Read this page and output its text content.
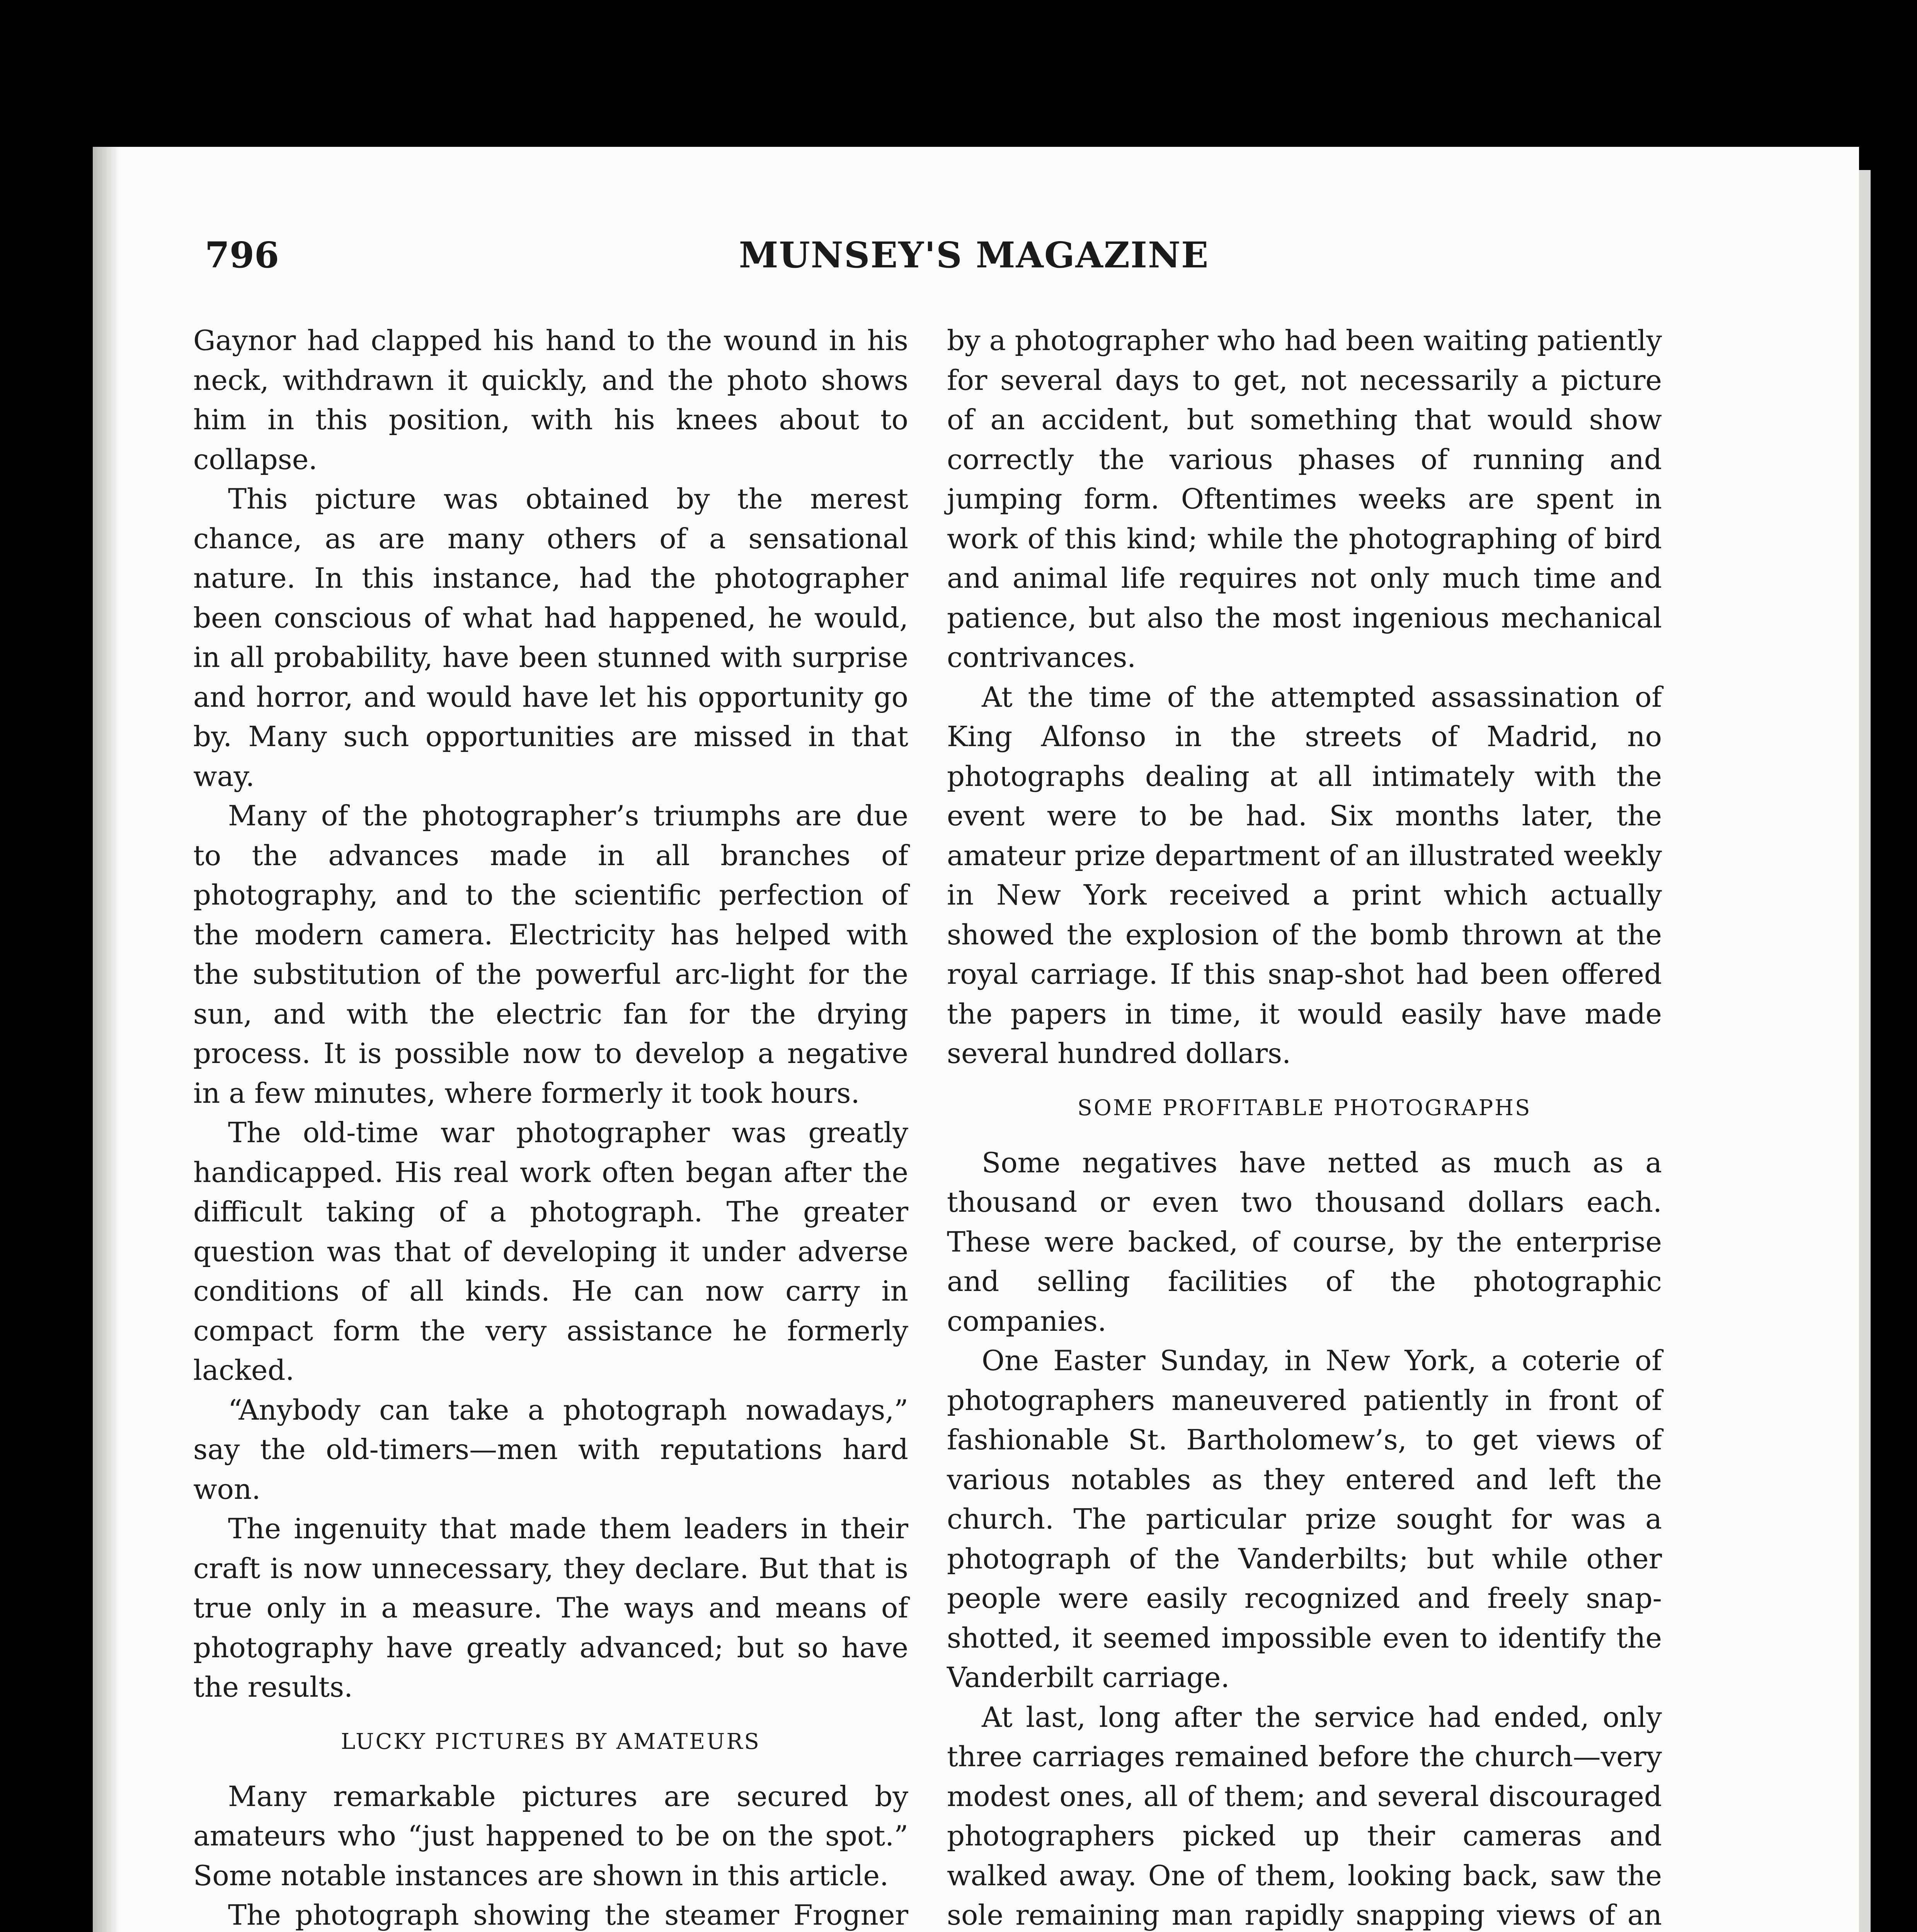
796	MUNSEY'S MAGAZINE

Gaynor had clapped his hand to the wound in his neck, withdrawn it quickly, and the photo shows him in this position, with his knees about to collapse.

This picture was obtained by the merest chance, as are many others of a sensational nature. In this instance, had the photographer been conscious of what had happened, he would, in all probability, have been stunned with surprise and horror, and would have let his opportunity go by. Many such opportunities are missed in that way.

Many of the photographer’s triumphs are due to the advances made in all branches of photography, and to the scientific perfection of the modern camera. Electricity has helped with the substitution of the powerful arc-light for the sun, and with the electric fan for the drying process. It is possible now to develop a negative in a few minutes, where formerly it took hours.

The old-time war photographer was greatly handicapped. His real work often began after the difficult taking of a photograph. The greater question was that of developing it under adverse conditions of all kinds. He can now carry in compact form the very assistance he formerly lacked.

“Anybody can take a photograph nowadays,” say the old-timers—men with reputations hard won.

The ingenuity that made them leaders in their craft is now unnecessary, they declare. But that is true only in a measure. The ways and means of photography have greatly advanced; but so have the results.

LUCKY PICTURES BY AMATEURS

Many remarkable pictures are secured by amateurs who “just happened to be on the spot.” Some notable instances are shown in this article.

The photograph showing the steamer Frogner

by a photographer who had been waiting patiently for several days to get, not necessarily a picture of an accident, but something that would show correctly the various phases of running and jumping form. Oftentimes weeks are spent in work of this kind; while the photographing of bird and animal life requires not only much time and patience, but also the most ingenious mechanical contrivances.

At the time of the attempted assassination of King Alfonso in the streets of Madrid, no photographs dealing at all intimately with the event were to be had. Six months later, the amateur prize department of an illustrated weekly in New York received a print which actually showed the explosion of the bomb thrown at the royal carriage. If this snap-shot had been offered the papers in time, it would easily have made several hundred dollars.

SOME PROFITABLE PHOTOGRAPHS

Some negatives have netted as much as a thousand or even two thousand dollars each. These were backed, of course, by the enterprise and selling facilities of the photographic companies.

One Easter Sunday, in New York, a coterie of photographers maneuvered patiently in front of fashionable St. Bartholomew’s, to get views of various notables as they entered and left the church. The particular prize sought for was a photograph of the Vanderbilts; but while other people were easily recognized and freely snap-shotted, it seemed impossible even to identify the Vanderbilt carriage.

At last, long after the service had ended, only three carriages remained before the church—very modest ones, all of them; and several discouraged photographers picked up their cameras and walked away. One of them, looking back, saw the sole remaining man rapidly snapping views of an
